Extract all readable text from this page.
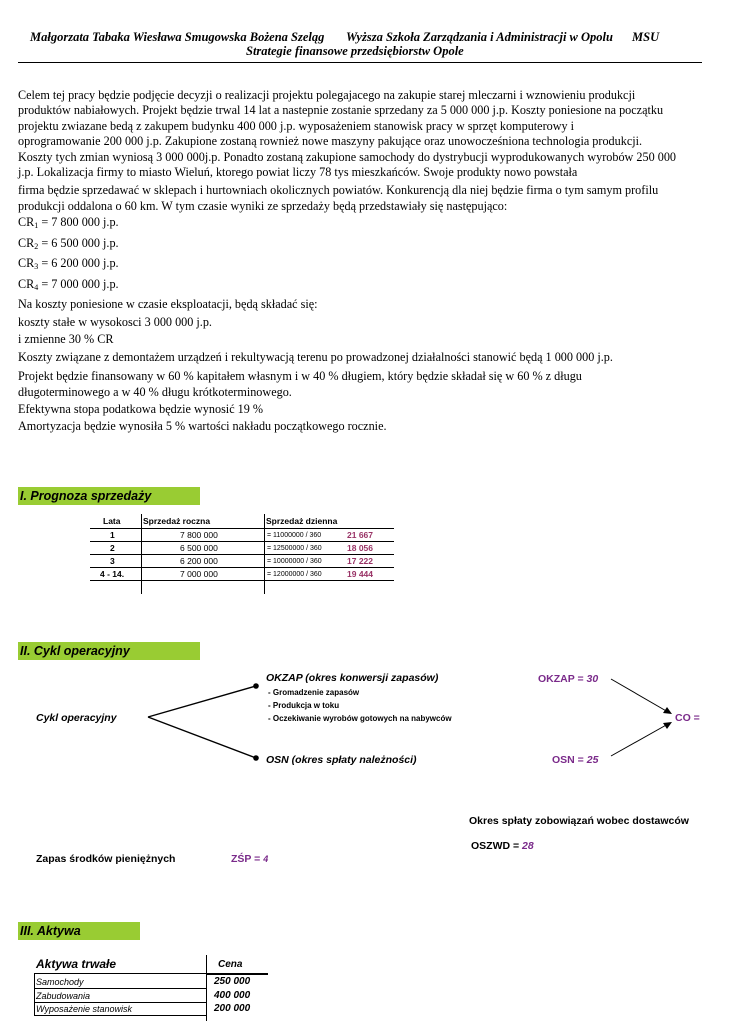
Małgorzata Tabaka Wiesława Smugowska Bożena Szeląg Wyższa Szkoła Zarządzania i Administracji w Opolu MSU
Strategie finansowe przedsiębiorstw Opole

Celem tej pracy będzie podjęcie decyzji o realizacji projektu polegajacego na zakupie starej mleczarni i wznowieniu produkcji

produktów nabiałowych. Projekt będzie trwal 14 lat a nastepnie zostanie sprzedany za 5 000 000 j.p. Koszty poniesione na początku

projektu zwiazane bedą z zakupem budynku 400 000 j.p. wyposażeniem stanowisk pracy w sprzęt komputerowy i

oprogramowanie 200 000 j.p. Zakupione zostaną rownież nowe maszyny pakujące oraz unowocześniona technologia produkcji.

Koszty tych zmian wyniosą 3 000 000j.p. Ponadto zostaną zakupione samochody do dystrybucji wyprodukowanych wyrobów 250 000

j.p. Lokalizacja firmy to miasto Wieluń, ktorego powiat liczy 78 tys mieszkańców. Swoje produkty nowo powstała

firma będzie sprzedawać w sklepach i hurtowniach okolicznych powiatów. Konkurencją dla niej będzie firma o tym samym profilu

produkcji oddalona o 60 km. W tym czasie wyniki ze sprzedaży będą przedstawiały się następująco:

$CR_1 = 7$ 800 000 j.p.

$CR_2 = 6$ 500 000 j.p.

$CR_3 = 6$ 200 000 j.p.

$CR_4 = 7$ 000 000 j.p.

Na koszty poniesione w czasie eksploatacji, będą składać się:

koszty stałe w wysokosci 3 000 000 j.p.

i zmienne 30 % CR

Koszty związane z demontażem urządzeń i rekultywacją terenu po prowadzonej działalności stanowić będą 1 000 000 j.p.

Projekt będzie finansowany w 60 % kapitałem własnym i w 40 % długiem, który będzie składał się w 60 % z długu

długoterminowego a w 40 % długu krótkoterminowego.

Efektywna stopa podatkowa będzie wynosić 19 %

Amortyzacja będzie wynosiła 5 % wartości nakładu początkowego rocznie.

I. Prognoza sprzedaży
Lata	Sprzedaż roczna	Sprzedaż dzienna
1	7 800 000	= 11000000 / 360	21 667
2	6 500 000	= 12500000 / 360	18 056
3	6 200 000	= 10000000 / 360	17 222
4 - 14.	7 000 000	= 12000000 / 360	19 444
II. Cykl operacyjny
Cykl operacyjny
OKZAP (okres konwersji zapasów)
- Gromadzenie zapasów
- Produkcja w toku
- Oczekiwanie wyrobów gotowych na nabywców
OKZAP = 30
CO =
OSN (okres spłaty należności)	OSN = 25
Okres spłaty zobowiązań wobec dostawców
OSZWD = 28
Zapas środków pieniężnych	ZŚP = 4
III. Aktywa
Aktywa trwałe	Cena
Samochody	250 000
Zabudowania	400 000
Wyposażenie stanowisk	200 000
